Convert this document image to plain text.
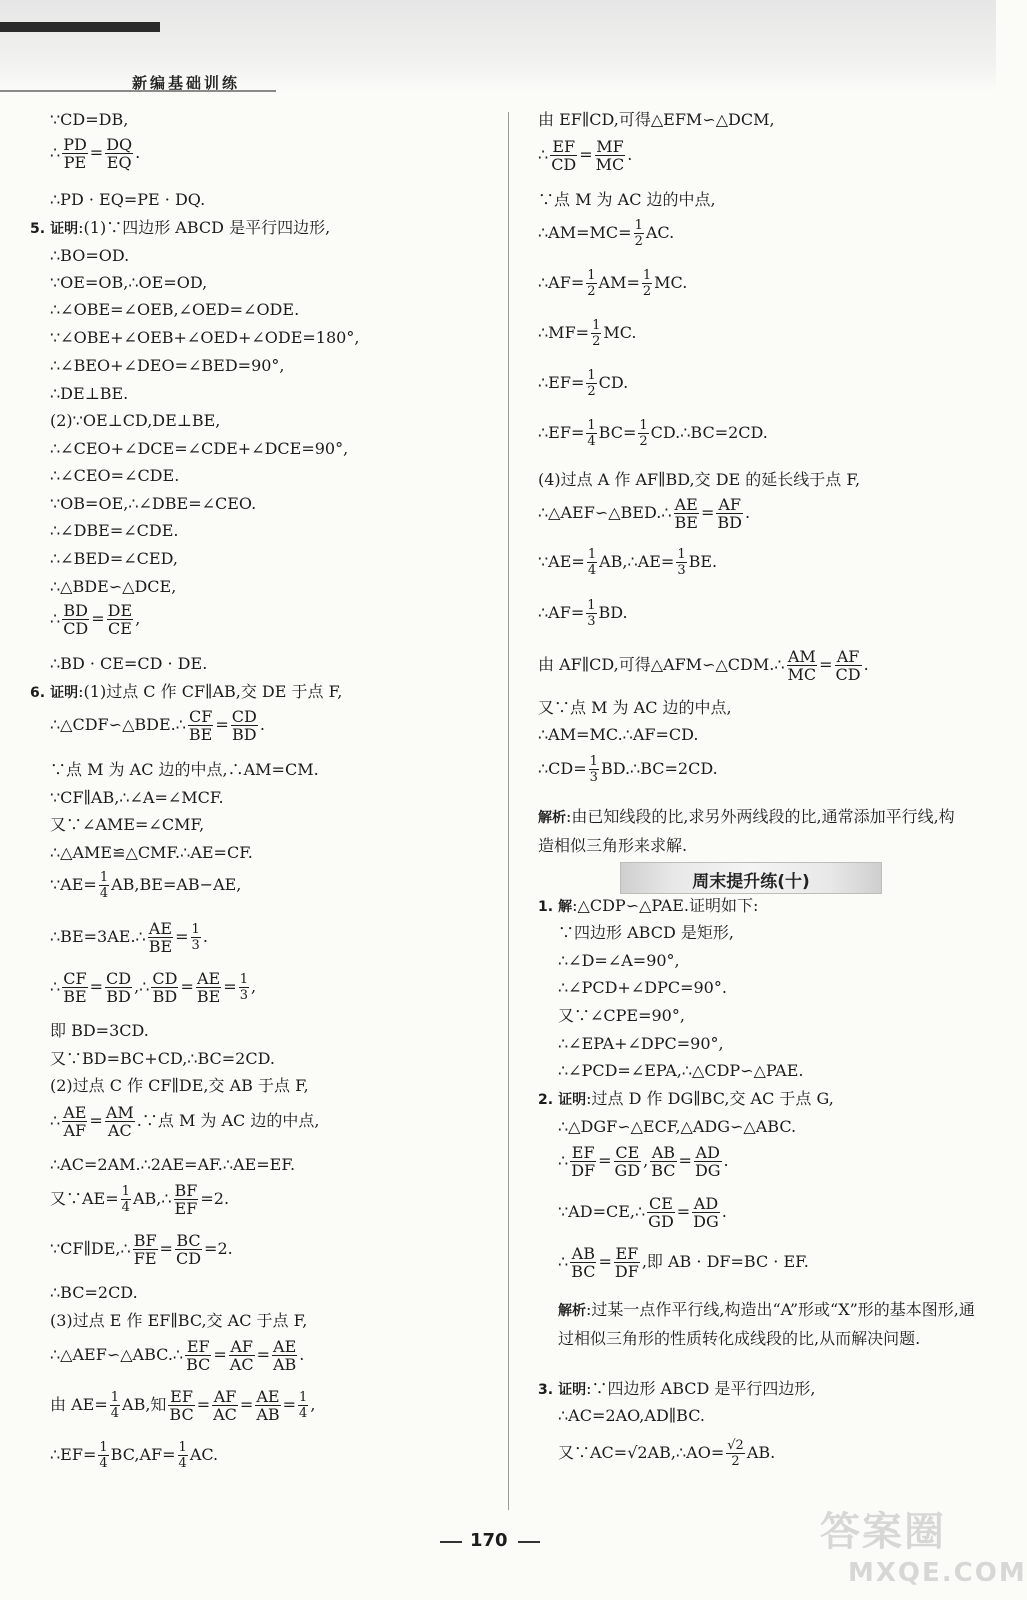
新编基础训练
∵CD=DB,
∴ $\frac{PD}{PE} = \frac{DQ}{EQ}$ .
∴PD · EQ=PE · DQ.
5. 证明:(1)∵四边形 ABCD 是平行四边形,
∴BO=OD.
∵OE=OB,∴OE=OD,
∴∠OBE=∠OEB,∠OED=∠ODE.
∵∠OBE+∠OEB+∠OED+∠ODE=180°,
∴∠BEO+∠DEO=∠BED=90°,
∴DE⊥BE.
(2)∵OE⊥CD,DE⊥BE,
∴∠CEO+∠DCE=∠CDE+∠DCE=90°,
∴∠CEO=∠CDE.
∵OB=OE,∴∠DBE=∠CEO.
∴∠DBE=∠CDE.
∴∠BED=∠CED,
∴△BDE∽△DCE,
∴ $\frac{BD}{CD} = \frac{DE}{CE}$ ,
∴BD · CE=CD · DE.
6. 证明:(1)过点 C 作 CF∥AB,交 DE 于点 F,
∴△CDF∽△BDE.∴ $\frac{CF}{BE} = \frac{CD}{BD}$ .
∵点 M 为 AC 边的中点,∴AM=CM.
∵CF∥AB,∴∠A=∠MCF.
又∵∠AME=∠CMF,
∴△AME≌△CMF.∴AE=CF.
∵AE= $\frac{1}{4} AB,BE=AB-AE$,
∴BE=3AE.∴ $\frac{AE}{BE} = \frac{1}{3}$ .
∴ $\frac{CF}{BE} = \frac{CD}{BD}$ ,∴ $\frac{CD}{BD} = \frac{AE}{BE} = \frac{1}{3}$ ,
即 BD=3CD.
又∵BD=BC+CD,∴BC=2CD.
(2)过点 C 作 CF∥DE,交 AB 于点 F,
∴ $\frac{AE}{AF} = \frac{AM}{AC}$ .∵点 M 为 AC 边的中点,
∴AC=2AM.∴2AE=AF.∴AE=EF.
又∵AE= $\frac{1}{4}$ AB,∴ $\frac{BF}{EF} =2$.
∵CF∥DE,∴ $\frac{BF}{FE} = \frac{BC}{CD} =2$.
∴BC=2CD.
(3)过点 E 作 EF∥BC,交 AC 于点 F,
∴△AEF∽△ABC.∴ $\frac{EF}{BC} = \frac{AF}{AC} = \frac{AE}{AB}$ .
由 $AE= \frac{1}{4}$ AB,知 $\frac{EF}{BC} = \frac{AF}{AC} = \frac{AE}{AB} = \frac{1}{4}$ ,
∴EF= $\frac{1}{4} BC,AF= \frac{1}{4}$ AC.
由 EF∥CD,可得△EFM∽△DCM,
∴ $\frac{EF}{CD} = \frac{MF}{MC}$ .
∵点 M 为 AC 边的中点,
∴AM=MC= $\frac{1}{2}$ AC.
∴AF= $\frac{1}{2} AM= \frac{1}{2}$ MC.
∴MF= $\frac{1}{2}$ MC.
∴EF= $\frac{1}{2}$ CD.
∴EF= $\frac{1}{4} BC= \frac{1}{2}$ CD.∴BC=2CD.
(4)过点 A 作 AF∥BD,交 DE 的延长线于点 F,
∴△AEF∽△BED.∴ $\frac{AE}{BE} = \frac{AF}{BD}$ .
∵AE= $\frac{1}{4}$ AB,∴AE= $\frac{1}{3}$ BE.
∴AF= $\frac{1}{3}$ BD.
由 AF∥CD,可得△AFM∽△CDM.∴ $\frac{AM}{MC} = \frac{AF}{CD}$ .
又∵点 M 为 AC 边的中点,
∴AM=MC.∴AF=CD.
∴CD= $\frac{1}{3}$ BD.∴BC=2CD.
解析:由已知线段的比,求另外两线段的比,通常添加平行线,构造相似三角形来求解.
1. 解:△CDP∽△PAE.证明如下:
∵四边形 ABCD 是矩形,
∴∠D=∠A=90°,
∴∠PCD+∠DPC=90°.
又∵∠CPE=90°,
∴∠EPA+∠DPC=90°,
∴∠PCD=∠EPA,∴△CDP∽△PAE.
2. 证明:过点 D 作 DG∥BC,交 AC 于点 G,
∴△DGF∽△ECF,△ADG∽△ABC.
∴ $\frac{EF}{DF} = \frac{CE}{GD}$ , $\frac{AB}{BC} = \frac{AD}{DG}$ .
∵AD=CE,∴ $\frac{CE}{GD} = \frac{AD}{DG}$ .
∴ $\frac{AB}{BC} = \frac{EF}{DF}$ ,即 AB · DF=BC · EF.
解析:过某一点作平行线,构造出“A”形或“X”形的基本图形,通过相似三角形的性质转化成线段的比,从而解决问题.
3. 证明:∵四边形 ABCD 是平行四边形,
∴AC=2AO,AD∥BC.
又∵AC=√2AB,∴AO= $\frac{√2}{2}$ AB.
周末提升练(十)
170	答案圈
MXQE.COM
